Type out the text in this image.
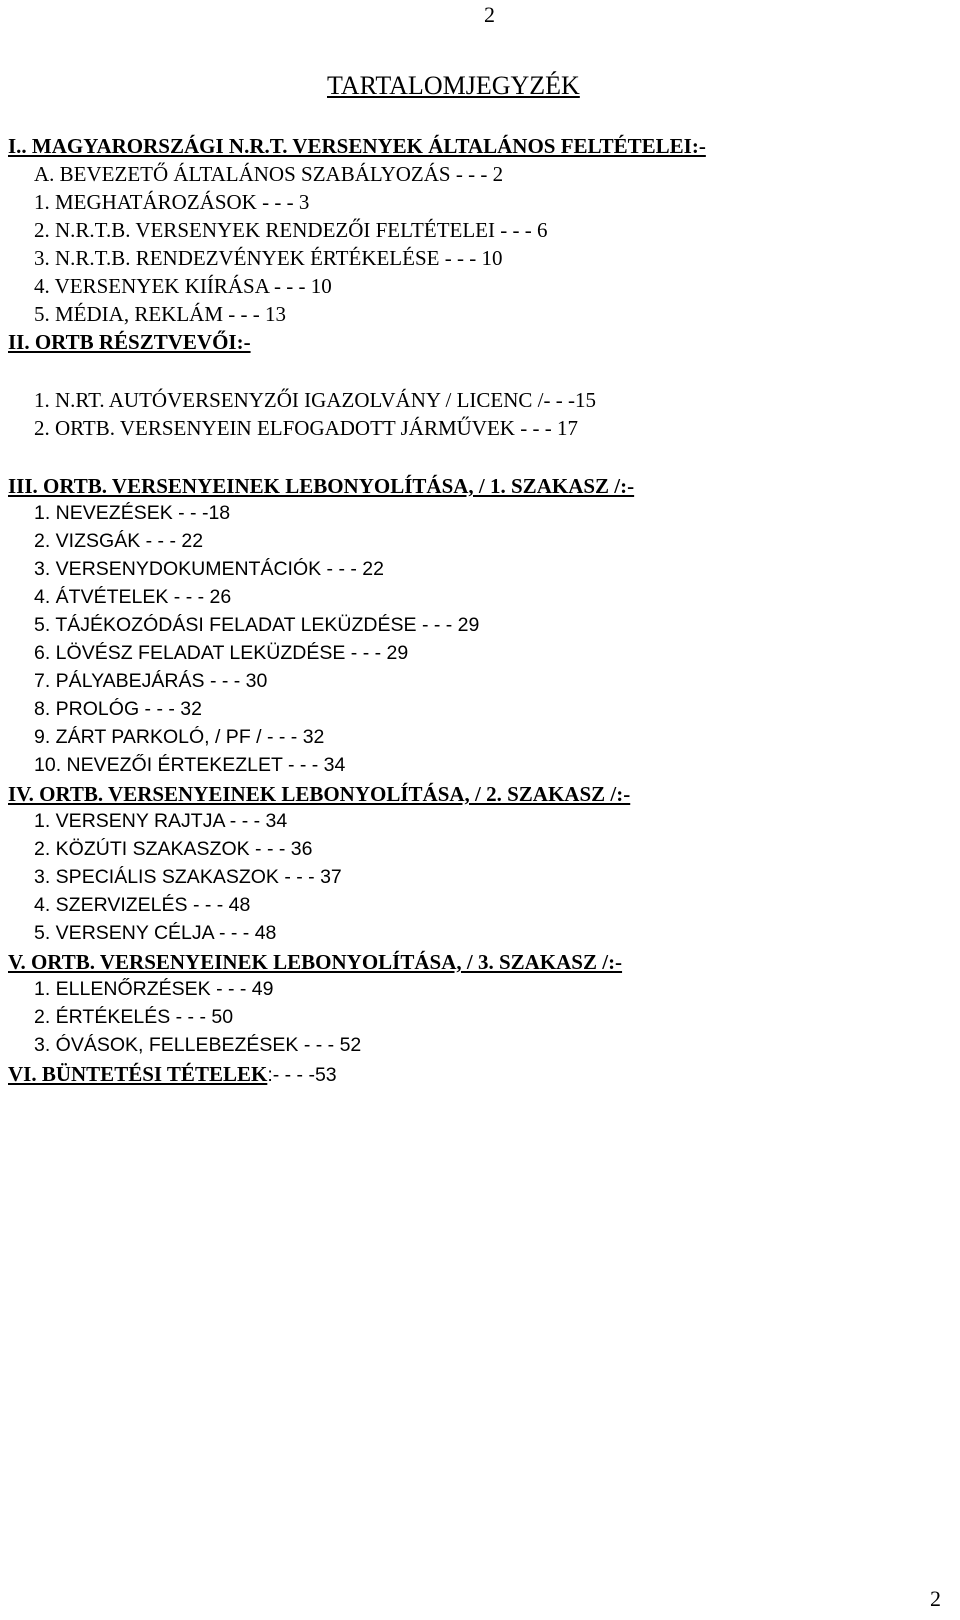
2
TARTALOMJEGYZÉK
I.. MAGYARORSZÁGI N.R.T. VERSENYEK ÁLTALÁNOS FELTÉTELEI:-
A. BEVEZETŐ ÁLTALÁNOS SZABÁLYOZÁS - - - 2
1. MEGHATÁROZÁSOK - - - 3
2. N.R.T.B. VERSENYEK RENDEZŐI FELTÉTELEI - - - 6
3. N.R.T.B. RENDEZVÉNYEK ÉRTÉKELÉSE - - - 10
4. VERSENYEK KIÍRÁSA - - - 10
5. MÉDIA, REKLÁM - - - 13
II. ORTB RÉSZTVEVŐI:-
1. N.RT. AUTÓVERSENYZŐI IGAZOLVÁNY / LICENC /- - -15
2. ORTB. VERSENYEIN ELFOGADOTT JÁRMŰVEK - - - 17
III. ORTB. VERSENYEINEK LEBONYOLÍTÁSA, / 1. SZAKASZ /:-
1. NEVEZÉSEK - - -18
2. VIZSGÁK - - - 22
3. VERSENYDOKUMENTÁCIÓK - - - 22
4. ÁTVÉTELEK - - - 26
5. TÁJÉKOZÓDÁSI FELADAT LEKÜZDÉSE - - - 29
6. LÖVÉSZ FELADAT LEKÜZDÉSE - - - 29
7. PÁLYABEJÁRÁS - - - 30
8. PROLÓG - - - 32
9. ZÁRT PARKOLÓ, / PF / - - - 32
10. NEVEZŐI ÉRTEKEZLET - - - 34
IV. ORTB. VERSENYEINEK LEBONYOLÍTÁSA, / 2. SZAKASZ /:-
1. VERSENY RAJTJA - - - 34
2. KÖZÚTI SZAKASZOK - - - 36
3. SPECIÁLIS SZAKASZOK - - - 37
4. SZERVIZELÉS - - - 48
5. VERSENY CÉLJA - - - 48
V. ORTB. VERSENYEINEK LEBONYOLÍTÁSA, / 3. SZAKASZ /:-
1. ELLENŐRZÉSEK - - - 49
2. ÉRTÉKELÉS - - - 50
3. ÓVÁSOK, FELLEBEZÉSEK - - - 52
VI. BÜNTETÉSI TÉTELEK:- - - -53
2
